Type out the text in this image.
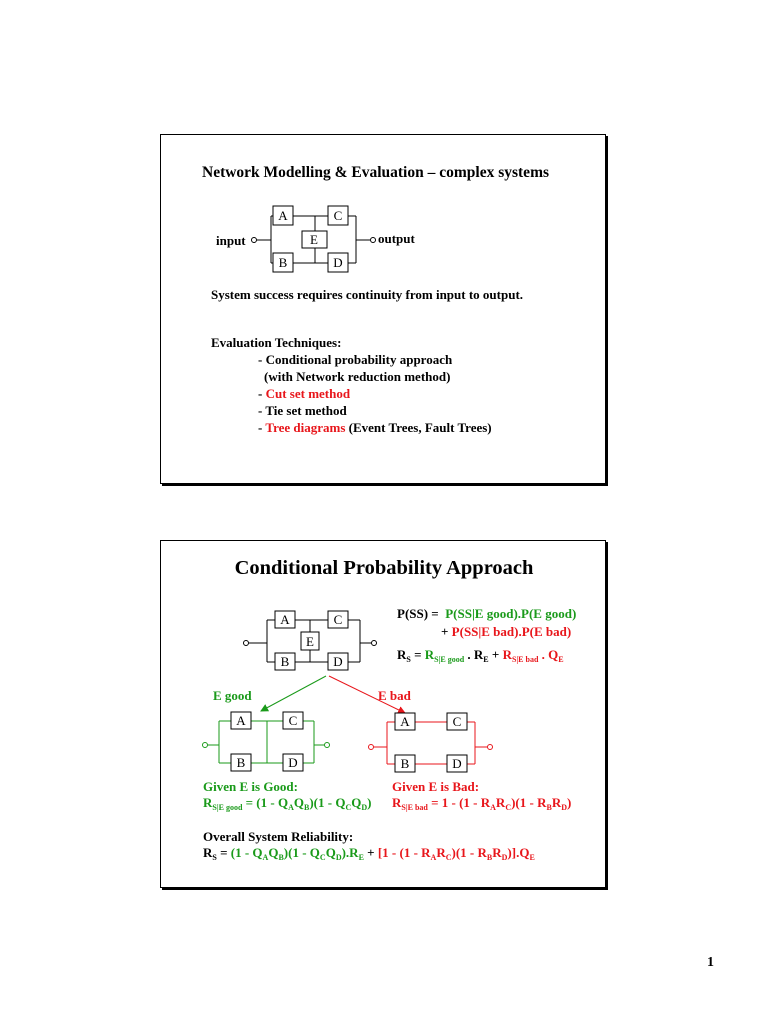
Network Modelling & Evaluation – complex systems
A
B
C
D
E
input	output
System success requires continuity from input to output.
Evaluation Techniques:
- Conditional probability approach
(with Network reduction method)
- Cut set method
- Tie set method
- Tree diagrams (Event Trees, Fault Trees)
Conditional Probability Approach
A
B
C
D
E
E good	E bad
A
B
C
D
A
B
C
D
P(SS) = P(SS|E good).P(E good)
+ P(SS|E bad).P(E bad)
$R_S = R_{S|E good}$ . $R_E + R_{S|E bad}$ . $Q_E$
Given E is Good:
$R_{S|E good} = (1 - Q_AQ_B)(1 - Q_CQ_D)$
Given E is Bad:
$R_{S|E bad} = 1 - (1 - R_AR_C)(1 - R_BR_D)$
Overall System Reliability:
$R_S = (1 - Q_AQ_B)(1 - Q_CQ_D).R_E + [1 - (1 - R_AR_C)(1 - R_BR_D)].Q_E$
1
